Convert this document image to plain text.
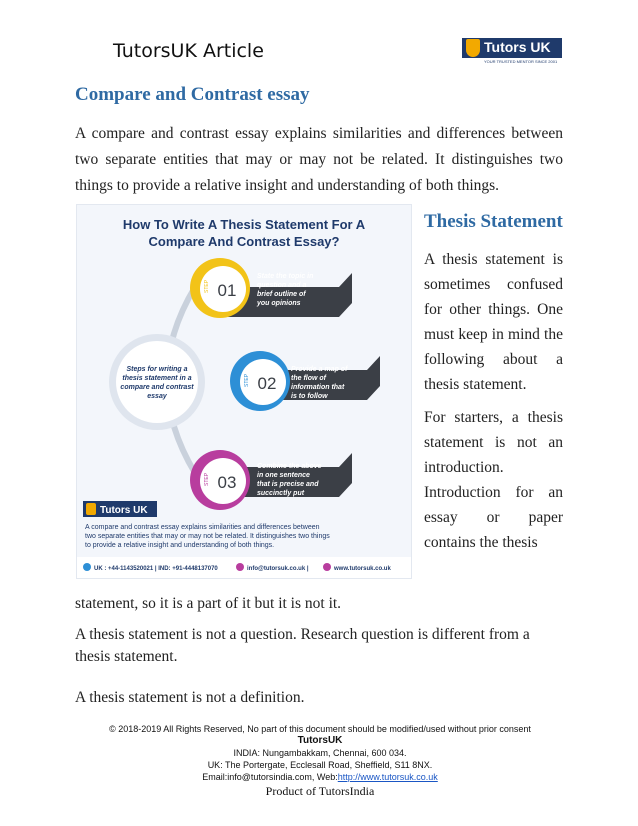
TutorsUK Article	Tutors UK
YOUR TRUSTED MENTOR SINCE 2001
Compare and Contrast essay

A compare and contrast essay explains similarities and differences between two separate entities that may or may not be related. It distinguishes two things to provide a relative insight and understanding of both things.

How To Write A Thesis Statement For A
Compare And Contrast Essay?
STEP 01
State the topic in
question and a
brief outline of
you opinions
Steps for writing a
thesis statement in a
compare and contrast
essay
STEP 02
Provide a map of
the flow of
information that
is to follow
STEP 03
Combine the above
in one sentence
that is precise and
succinctly put
Tutors UK
A compare and contrast essay explains similarities and differences between
two separate entities that may or may not be related. It distinguishes two things
to provide a relative insight and understanding of both things.
UK : +44-1143520021 | IND: +91-4448137070	info@tutorsuk.co.uk |	www.tutorsuk.co.uk
Thesis Statement

A thesis statement is sometimes confused for other things. One must keep in mind the following about a thesis statement.

For starters, a thesis statement is not an introduction. Introduction for an essay or paper contains the thesis

statement, so it is a part of it but it is not it.

A thesis statement is not a question. Research question is different from a thesis statement.

A thesis statement is not a definition.

© 2018-2019 All Rights Reserved, No part of this document should be modified/used without prior consent
TutorsUK
INDIA: Nungambakkam, Chennai, 600 034.
UK: The Portergate, Ecclesall Road, Sheffield, S11 8NX.
Email:info@tutorsindia.com, Web:http://www.tutorsuk.co.uk
Product of TutorsIndia
